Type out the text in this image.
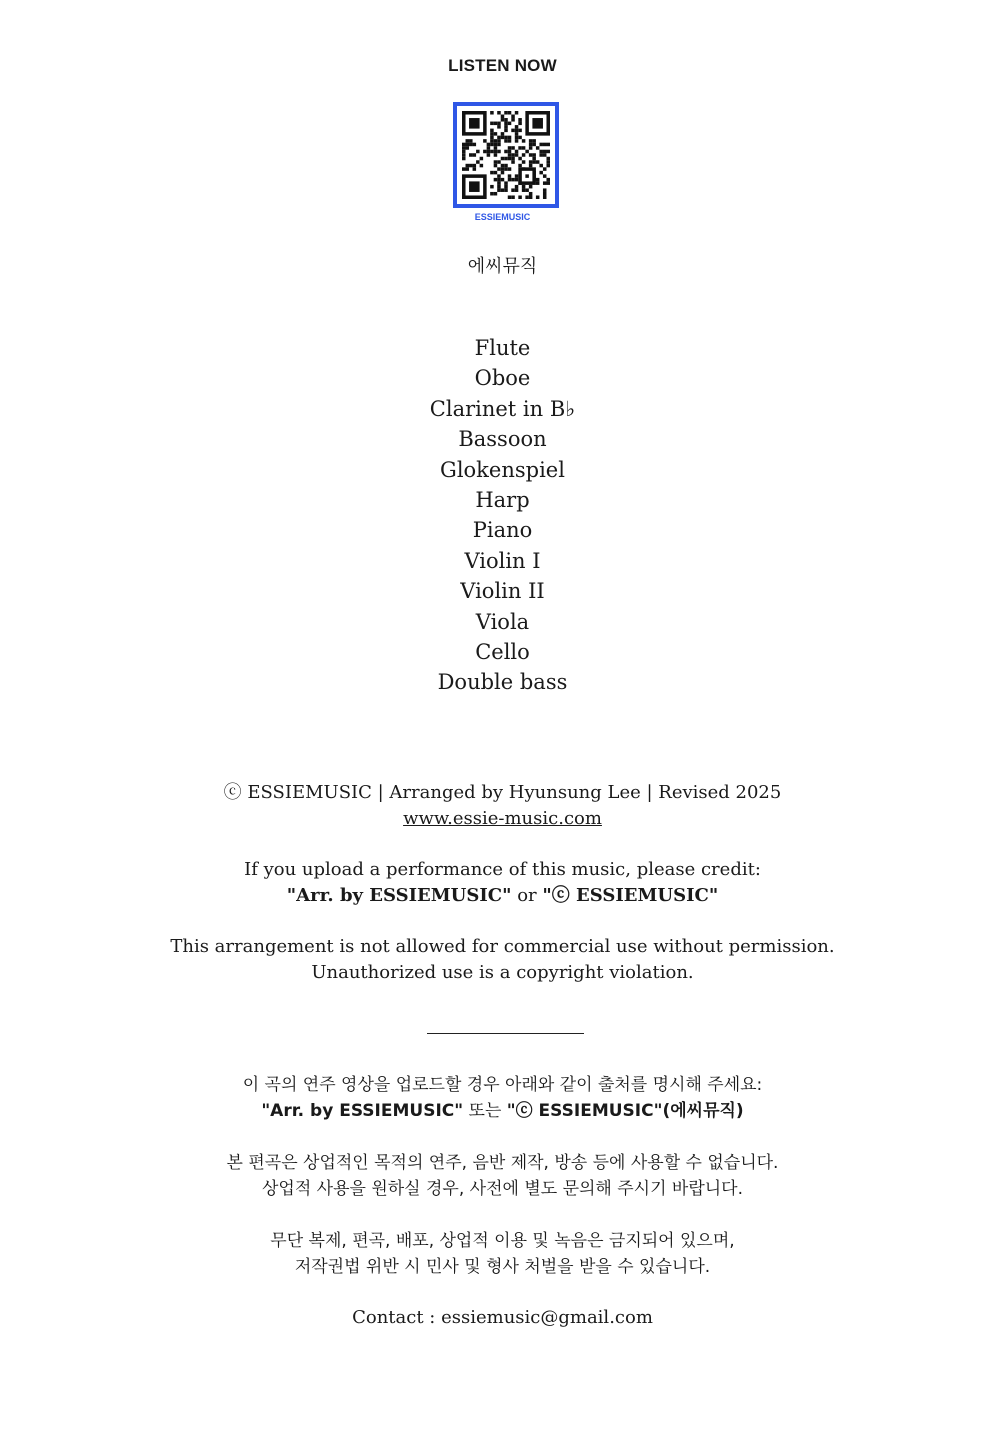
LISTEN NOW
ESSIEMUSIC
에씨뮤직
Flute
Oboe
Clarinet in B♭
Bassoon
Glokenspiel
Harp
Piano
Violin I
Violin II
Viola
Cello
Double bass
ⓒ ESSIEMUSIC | Arranged by Hyunsung Lee | Revised 2025
www.essie-music.com
If you upload a performance of this music, please credit:
"Arr. by ESSIEMUSIC" or "ⓒ ESSIEMUSIC"
This arrangement is not allowed for commercial use without permission.
Unauthorized use is a copyright violation.
이 곡의 연주 영상을 업로드할 경우 아래와 같이 출처를 명시해 주세요:
"Arr. by ESSIEMUSIC" 또는 "ⓒ ESSIEMUSIC"(에씨뮤직)
본 편곡은 상업적인 목적의 연주, 음반 제작, 방송 등에 사용할 수 없습니다.
상업적 사용을 원하실 경우, 사전에 별도 문의해 주시기 바랍니다.
무단 복제, 편곡, 배포, 상업적 이용 및 녹음은 금지되어 있으며,
저작권법 위반 시 민사 및 형사 처벌을 받을 수 있습니다.
Contact : essiemusic@gmail.com
